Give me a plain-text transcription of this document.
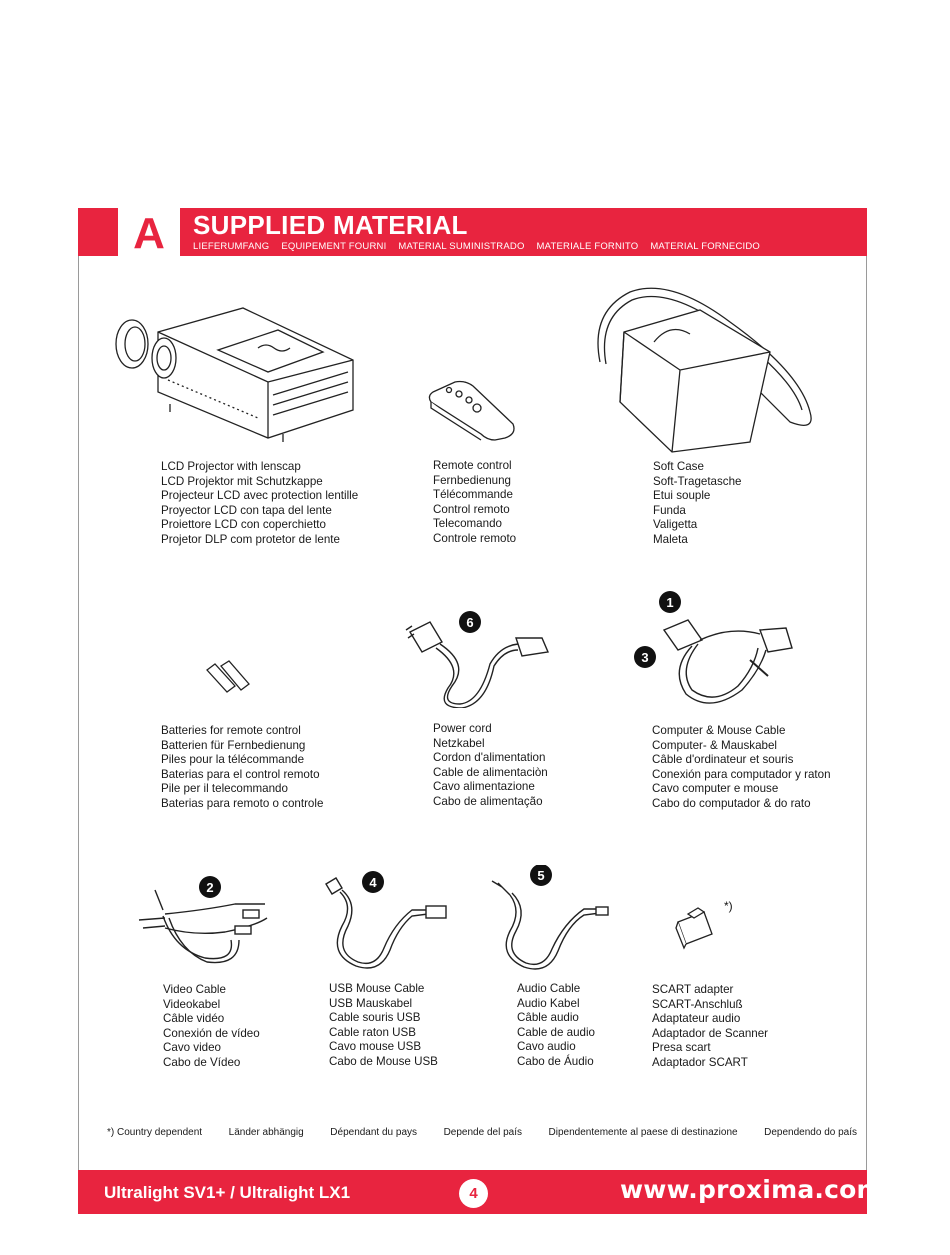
A	SUPPLIED MATERIAL
LIEFERUMFANG EQUIPEMENT FOURNI MATERIAL SUMINISTRADO MATERIALE FORNITO MATERIAL FORNECIDO
6
1
3
2	4	5
*)
LCD Projector with lenscap
LCD Projektor mit Schutzkappe
Projecteur LCD avec protection lentille
Proyector LCD con tapa del lente
Proiettore LCD con coperchietto
Projetor DLP com protetor de lente
Remote control
Fernbedienung
Télécommande
Control remoto
Telecomando
Controle remoto
Soft Case
Soft-Tragetasche
Etui souple
Funda
Valigetta
Maleta
Batteries for remote control
Batterien für Fernbedienung
Piles pour la télécommande
Baterias para el control remoto
Pile per il telecommando
Baterias para remoto o controle
Power cord
Netzkabel
Cordon d'alimentation
Cable de alimentaciòn
Cavo alimentazione
Cabo de alimentação
Computer & Mouse Cable
Computer- & Mauskabel
Câble d'ordinateur et souris
Conexión para computador y raton
Cavo computer e mouse
Cabo do computador & do rato
Video Cable
Videokabel
Câble vidéo
Conexión de vídeo
Cavo video
Cabo de Vídeo
USB Mouse Cable
USB Mauskabel
Cable souris USB
Cable raton USB
Cavo mouse USB
Cabo de Mouse USB
Audio Cable
Audio Kabel
Câble audio
Cable de audio
Cavo audio
Cabo de Áudio
SCART adapter
SCART-Anschluß
Adaptateur audio
Adaptador de Scanner
Presa scart
Adaptador SCART
*) Country dependent	Länder abhängig	Dépendant du pays	Depende del país	Dipendentemente al paese di destinazione	Dependendo do país
Ultralight SV1+ / Ultralight LX1	4	www.proxima.com
